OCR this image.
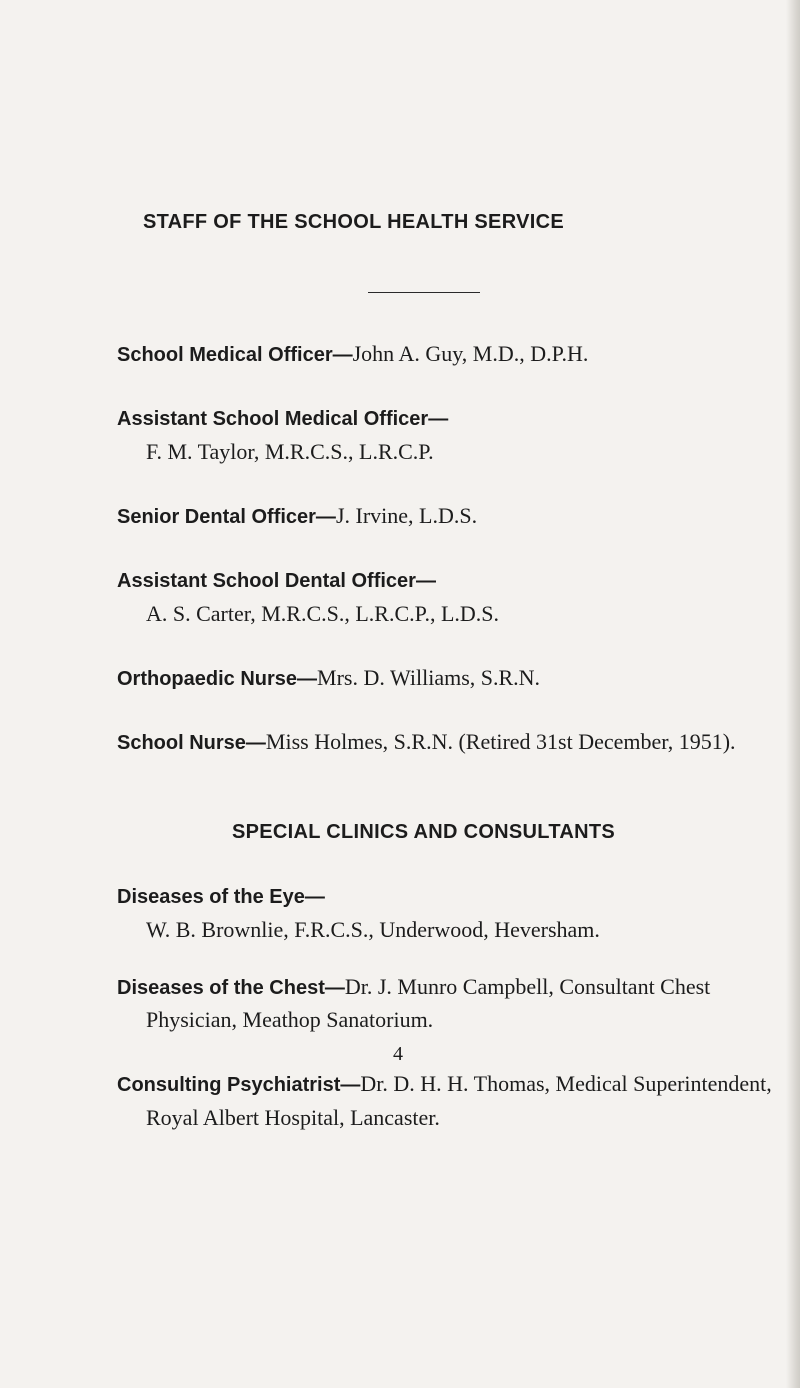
STAFF OF THE SCHOOL HEALTH SERVICE
School Medical Officer—John A. Guy, M.D., D.P.H.
Assistant School Medical Officer—
F. M. Taylor, M.R.C.S., L.R.C.P.
Senior Dental Officer—J. Irvine, L.D.S.
Assistant School Dental Officer—
A. S. Carter, M.R.C.S., L.R.C.P., L.D.S.
Orthopaedic Nurse—Mrs. D. Williams, S.R.N.
School Nurse—Miss Holmes, S.R.N. (Retired 31st December, 1951).
SPECIAL CLINICS AND CONSULTANTS
Diseases of the Eye—
W. B. Brownlie, F.R.C.S., Underwood, Heversham.
Diseases of the Chest—Dr. J. Munro Campbell, Consultant Chest
Physician, Meathop Sanatorium.
Consulting Psychiatrist—Dr. D. H. H. Thomas, Medical Superintendent,
Royal Albert Hospital, Lancaster.
4
